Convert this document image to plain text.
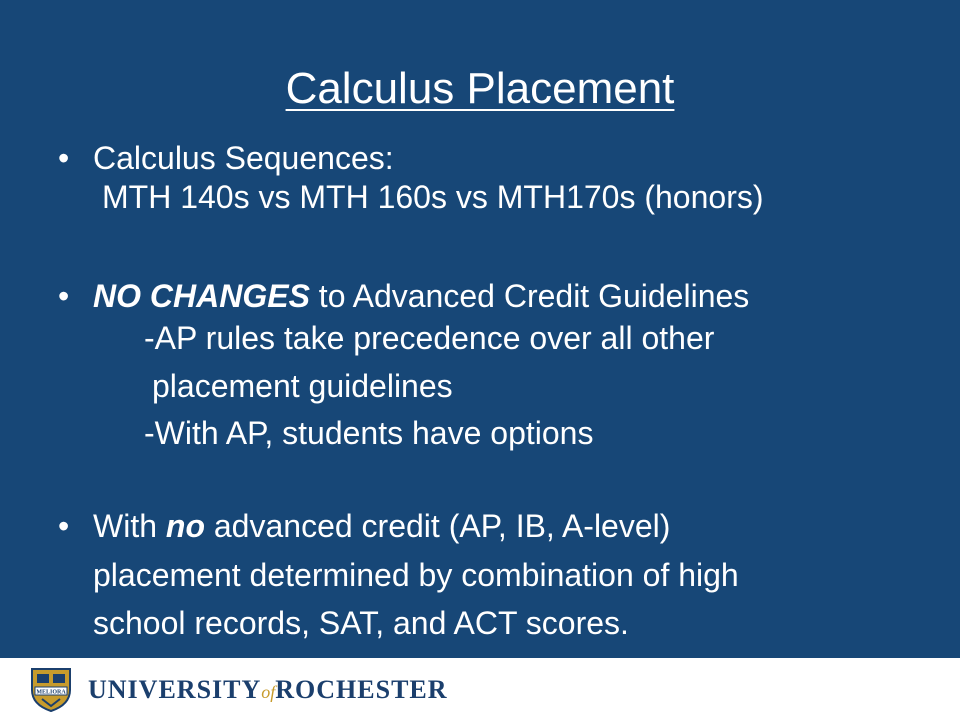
Calculus Placement
• Calculus Sequences:
MTH 140s vs MTH 160s vs MTH170s (honors)
• NO CHANGES to Advanced Credit Guidelines
-AP rules take precedence over all other
placement guidelines
-With AP, students have options
• With no advanced credit (AP, IB, A-level)
placement determined by combination of high
school records, SAT, and ACT scores.
MELIORA UNIVERSITYofROCHESTER
